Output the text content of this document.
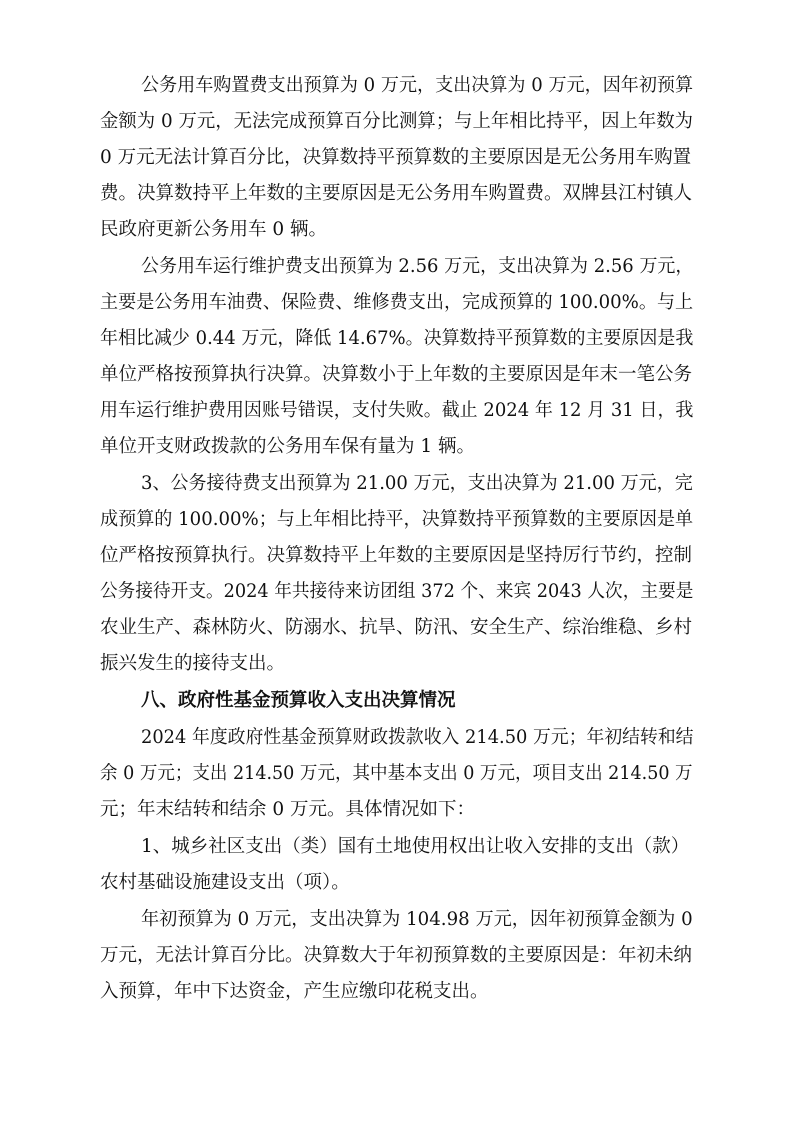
公务用车购置费支出预算为 0 万元，支出决算为 0 万元，因年初预算
金额为 0 万元，无法完成预算百分比测算；与上年相比持平，因上年数为
0 万元无法计算百分比，决算数持平预算数的主要原因是无公务用车购置
费。决算数持平上年数的主要原因是无公务用车购置费。双牌县江村镇人
民政府更新公务用车 0 辆。
公务用车运行维护费支出预算为 2.56 万元，支出决算为 2.56 万元，
主要是公务用车油费、保险费、维修费支出，完成预算的 100.00%。与上
年相比减少 0.44 万元，降低 14.67%。决算数持平预算数的主要原因是我
单位严格按预算执行决算。决算数小于上年数的主要原因是年末一笔公务
用车运行维护费用因账号错误，支付失败。截止 2024 年 12 月 31 日，我
单位开支财政拨款的公务用车保有量为 1 辆。
3、公务接待费支出预算为 21.00 万元，支出决算为 21.00 万元，完
成预算的 100.00%；与上年相比持平，决算数持平预算数的主要原因是单
位严格按预算执行。决算数持平上年数的主要原因是坚持厉行节约，控制
公务接待开支。2024 年共接待来访团组 372 个、来宾 2043 人次，主要是
农业生产、森林防火、防溺水、抗旱、防汛、安全生产、综治维稳、乡村
振兴发生的接待支出。
八、政府性基金预算收入支出决算情况
2024 年度政府性基金预算财政拨款收入 214.50 万元；年初结转和结
余 0 万元；支出 214.50 万元，其中基本支出 0 万元，项目支出 214.50 万
元；年末结转和结余 0 万元。具体情况如下：
1、城乡社区支出（类）国有土地使用权出让收入安排的支出（款）
农村基础设施建设支出（项）。
年初预算为 0 万元，支出决算为 104.98 万元，因年初预算金额为 0
万元，无法计算百分比。决算数大于年初预算数的主要原因是：年初未纳
入预算，年中下达资金，产生应缴印花税支出。
